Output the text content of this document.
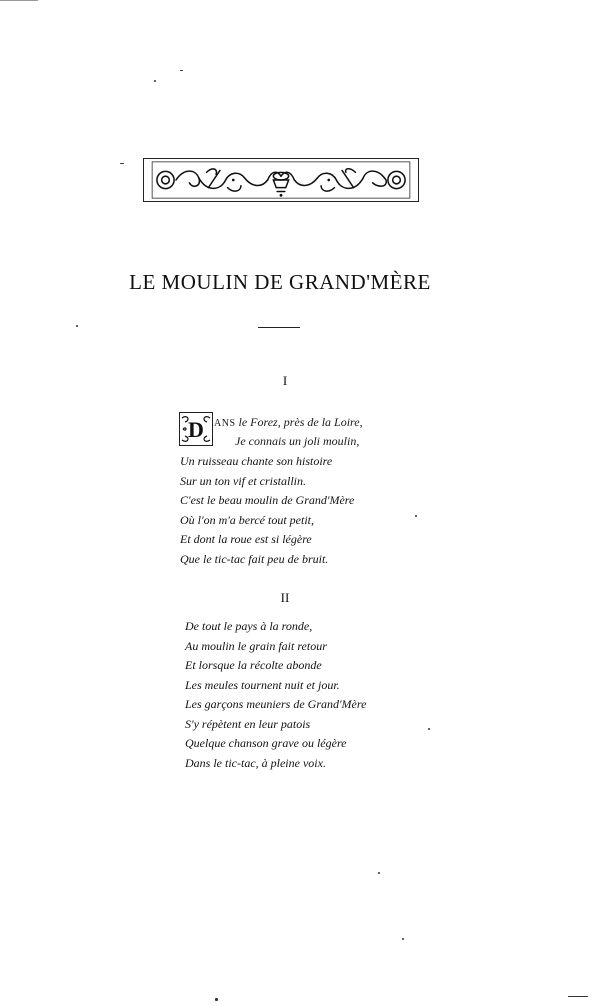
LE MOULIN DE GRAND'MÈRE
I
D ANS le Forez, près de la Loire,
Je connais un joli moulin,
Un ruisseau chante son histoire
Sur un ton vif et cristallin.
C'est le beau moulin de Grand'Mère
Où l'on m'a bercé tout petit,
Et dont la roue est si légère
Que le tic-tac fait peu de bruit.
II
De tout le pays à la ronde,
Au moulin le grain fait retour
Et lorsque la récolte abonde
Les meules tournent nuit et jour.
Les garçons meuniers de Grand'Mère
S'y répètent en leur patois
Quelque chanson grave ou légère
Dans le tic-tac, à pleine voix.
